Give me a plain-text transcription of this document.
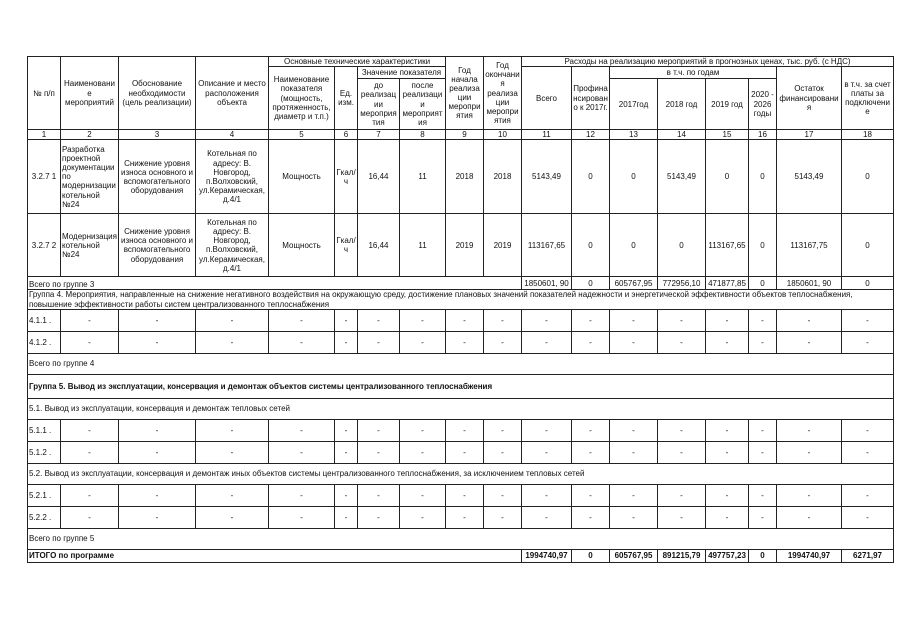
№ п/п	Наименование мероприятий	Обоснование необходимости (цель реализации)	Описание и место расположения объекта	Основные технические характеристики				Год начала реализации мероприятия	Год окончания реализации мероприятия	Расходы на реализацию мероприятий в прогнозных ценах, тыс. руб. (с НДС)							
				Наименование показателя (мощность, протяженность, диаметр и т.п.)	Ед. изм.	Значение показателя				Всего	Профинансировано к 2017г.	в т.ч. по годам				Остаток финансирования	в т.ч. за счет платы за подключение
						до реализации мероприятия	после реализации мероприятия					2017год	2018 год	2019 год	2020 - 2026 годы		
1	2	3	4	5	6	7	8	9	10	11	12	13	14	15	16	17	18
3.2.7 1	Разработка проектной документации по модернизации котельной №24	Снижение уровня износа основного и вспомогательного оборудования	Котельная по адресу: В. Новгород, п.Волховский, ул.Керамическая,д.4/1	Мощность	Гкал/ч	16,44	11	2018	2018	5143,49	0	0	5143,49	0	0	5143,49	0
3.2.7 2	Модернизация котельной №24	Снижение уровня износа основного и вспомогательного оборудования	Котельная по адресу: В. Новгород, п.Волховский, ул.Керамическая,д.4/1	Мощность	Гкал/ч	16,44	11	2019	2019	113167,65	0	0	0	113167,65	0	113167,75	0
Всего по группе 3										1850601, 90	0	605767,95	772956,10	471877,85	0	1850601, 90	0
Группа 4. Мероприятия, направленные на снижение негативного воздействия на окружающую среду, достижение плановых значений показателей надежности и энергетической эффективности объектов теплоснабжения, повышение эффективности работы систем централизованного теплоснабжения																	
4.1.1 .	-	-	-	-	-	-	-	-	-	-	-	-	-	-	-	-	-
4.1.2 .	-	-	-	-	-	-	-	-	-	-	-	-	-	-	-	-	-
Всего по группе 4																	
Группа 5. Вывод из эксплуатации, консервация и демонтаж объектов системы централизованного теплоснабжения																	
5.1. Вывод из эксплуатации, консервация и демонтаж тепловых сетей																	
5.1.1 .	-	-	-	-	-	-	-	-	-	-	-	-	-	-	-	-	-
5.1.2 .	-	-	-	-	-	-	-	-	-	-	-	-	-	-	-	-	-
5.2. Вывод из эксплуатации, консервация и демонтаж иных объектов системы централизованного теплоснабжения, за исключением тепловых сетей																	
5.2.1 .	-	-	-	-	-	-	-	-	-	-	-	-	-	-	-	-	-
5.2.2 .	-	-	-	-	-	-	-	-	-	-	-	-	-	-	-	-	-
Всего по группе 5																	
ИТОГО по программе										1994740,97	0	605767,95	891215,79	497757,23	0	1994740,97	6271,97
